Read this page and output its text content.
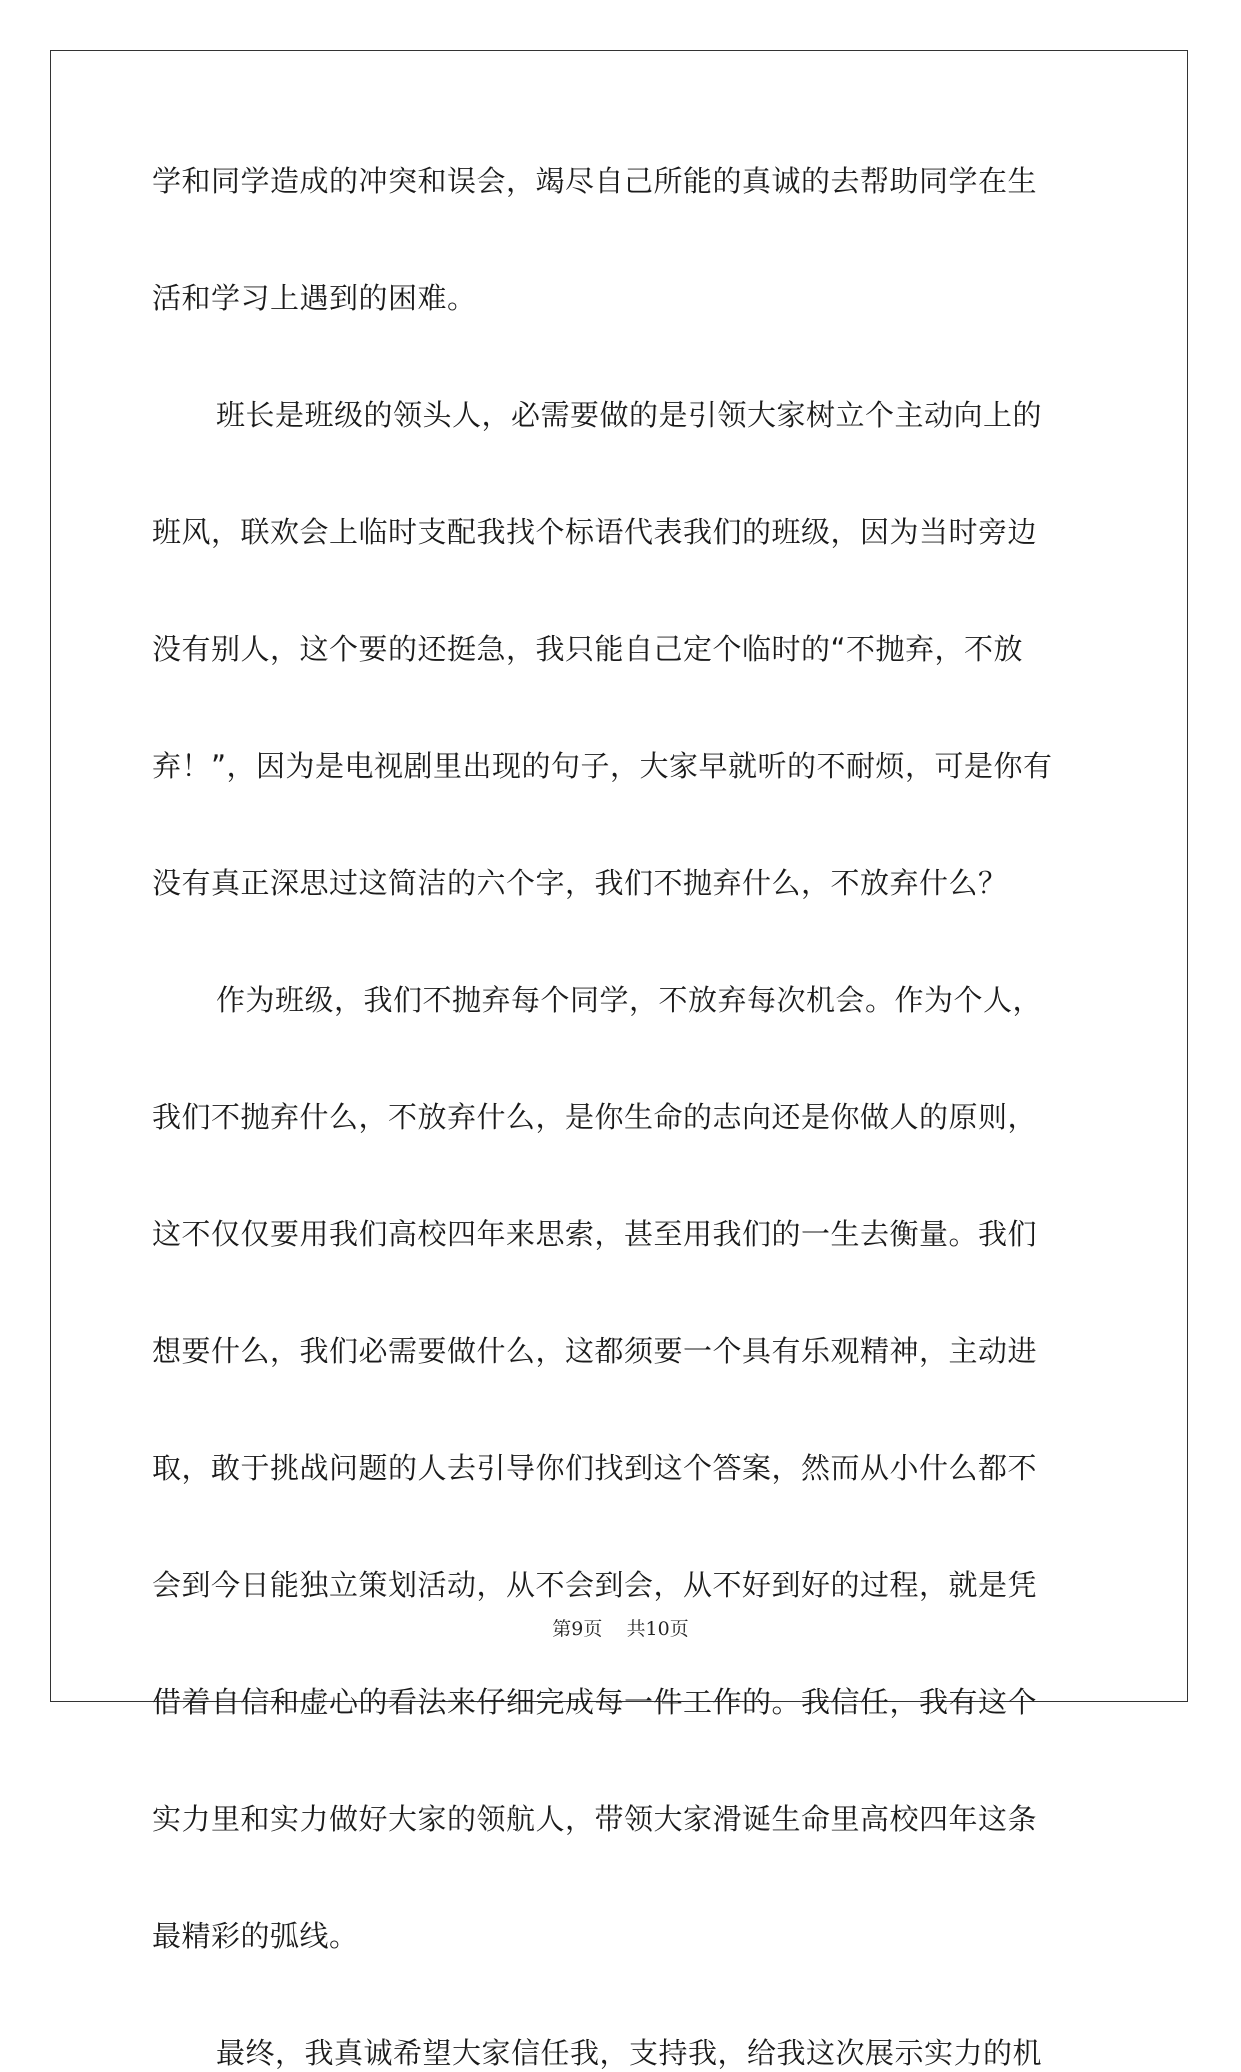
学和同学造成的冲突和误会，竭尽自己所能的真诚的去帮助同学在生
活和学习上遇到的困难。
班长是班级的领头人，必需要做的是引领大家树立个主动向上的
班风，联欢会上临时支配我找个标语代表我们的班级，因为当时旁边
没有别人，这个要的还挺急，我只能自己定个临时的“不抛弃，不放
弃！”，因为是电视剧里出现的句子，大家早就听的不耐烦，可是你有
没有真正深思过这简洁的六个字，我们不抛弃什么，不放弃什么？
作为班级，我们不抛弃每个同学，不放弃每次机会。作为个人，
我们不抛弃什么，不放弃什么，是你生命的志向还是你做人的原则，
这不仅仅要用我们高校四年来思索，甚至用我们的一生去衡量。我们
想要什么，我们必需要做什么，这都须要一个具有乐观精神，主动进
取，敢于挑战问题的人去引导你们找到这个答案，然而从小什么都不
会到今日能独立策划活动，从不会到会，从不好到好的过程，就是凭
借着自信和虚心的看法来仔细完成每一件工作的。我信任，我有这个
实力里和实力做好大家的领航人，带领大家滑诞生命里高校四年这条
最精彩的弧线。
最终，我真诚希望大家信任我，支持我，给我这次展示实力的机
第9页 共10页
